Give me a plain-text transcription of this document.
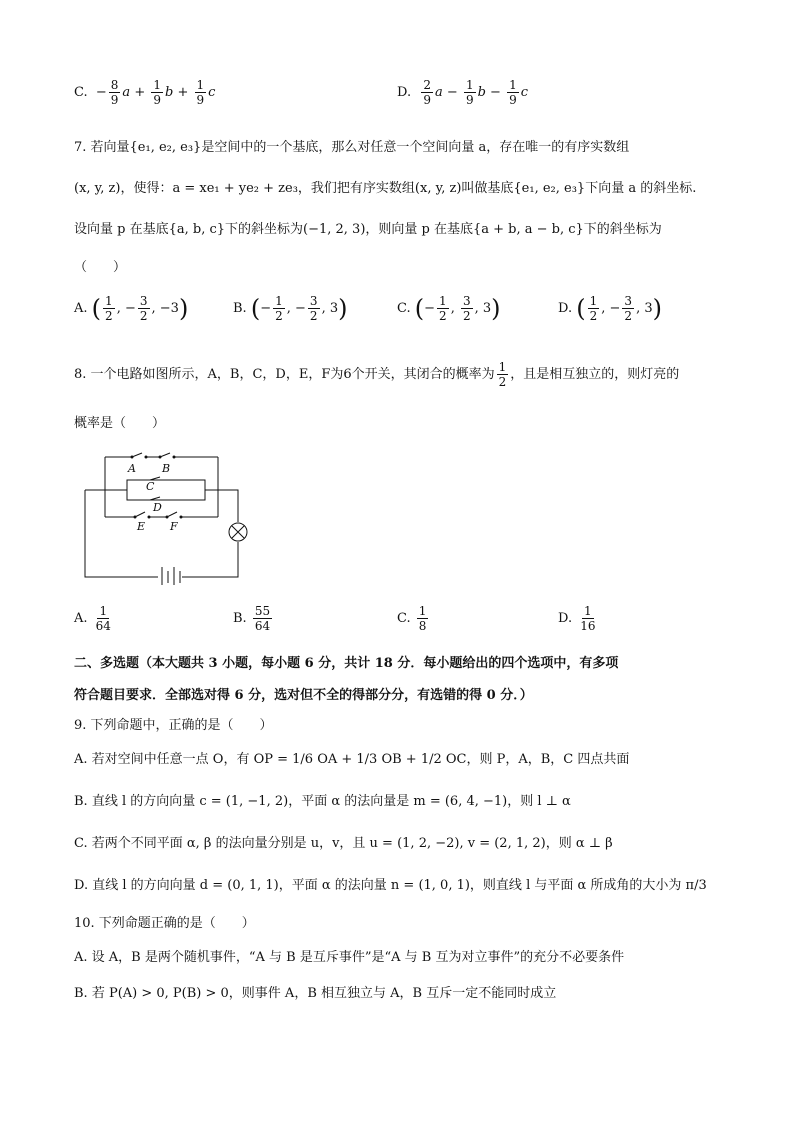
C.  − $\frac{8}{9}$ $a + \frac{1}{9}$ $b + \frac{1}{9}$ c	D. $\frac{2}{9}$ $a - \frac{1}{9}$ $b - \frac{1}{9}$ c
7. 若向量{e₁, e₂, e₃}是空间中的一个基底，那么对任意一个空间向量 a，存在唯一的有序实数组
(x, y, z)，使得：a = xe₁ + ye₂ + ze₃，我们把有序实数组(x, y, z)叫做基底{e₁, e₂, e₃}下向量 a 的斜坐标.
设向量 p 在基底{a, b, c}下的斜坐标为(−1, 2, 3)，则向量 p 在基底{a + b, a − b, c}下的斜坐标为
（　　）
A. ( $\frac{1}{2}$ , − $\frac{3}{2}$ , −3)	B. (− $\frac{1}{2}$ , − $\frac{3}{2}$ , 3)	C. (− $\frac{1}{2}$ , $\frac{3}{2}$ , 3)	D. ( $\frac{1}{2}$ , − $\frac{3}{2}$ , 3)
8. 一个电路如图所示，A，B，C，D，E，F为6个开关，其闭合的概率为 $\frac{1}{2}$ ，且是相互独立的，则灯亮的
概率是（　　）
A B
C
D
E F
A. $\frac{1}{64}$	B. $\frac{55}{64}$	C. $\frac{1}{8}$	D. $\frac{1}{16}$
二、多选题（本大题共 3 小题，每小题 6 分，共计 18 分．每小题给出的四个选项中，有多项
符合题目要求．全部选对得 6 分，选对但不全的得部分分，有选错的得 0 分．）
9. 下列命题中，正确的是（　　）
A. 若对空间中任意一点 O，有 OP = 1/6 OA + 1/3 OB + 1/2 OC，则 P，A，B，C 四点共面
B. 直线 l 的方向向量 c = (1, −1, 2)，平面 α 的法向量是 m = (6, 4, −1)，则 l ⊥ α
C. 若两个不同平面 α, β 的法向量分别是 u，v，且 u = (1, 2, −2), v = (2, 1, 2)，则 α ⊥ β
D. 直线 l 的方向向量 d = (0, 1, 1)，平面 α 的法向量 n = (1, 0, 1)，则直线 l 与平面 α 所成角的大小为 π/3
10. 下列命题正确的是（　　）
A. 设 A，B 是两个随机事件，“A 与 B 是互斥事件”是“A 与 B 互为对立事件”的充分不必要条件
B. 若 P(A) > 0, P(B) > 0，则事件 A，B 相互独立与 A，B 互斥一定不能同时成立
